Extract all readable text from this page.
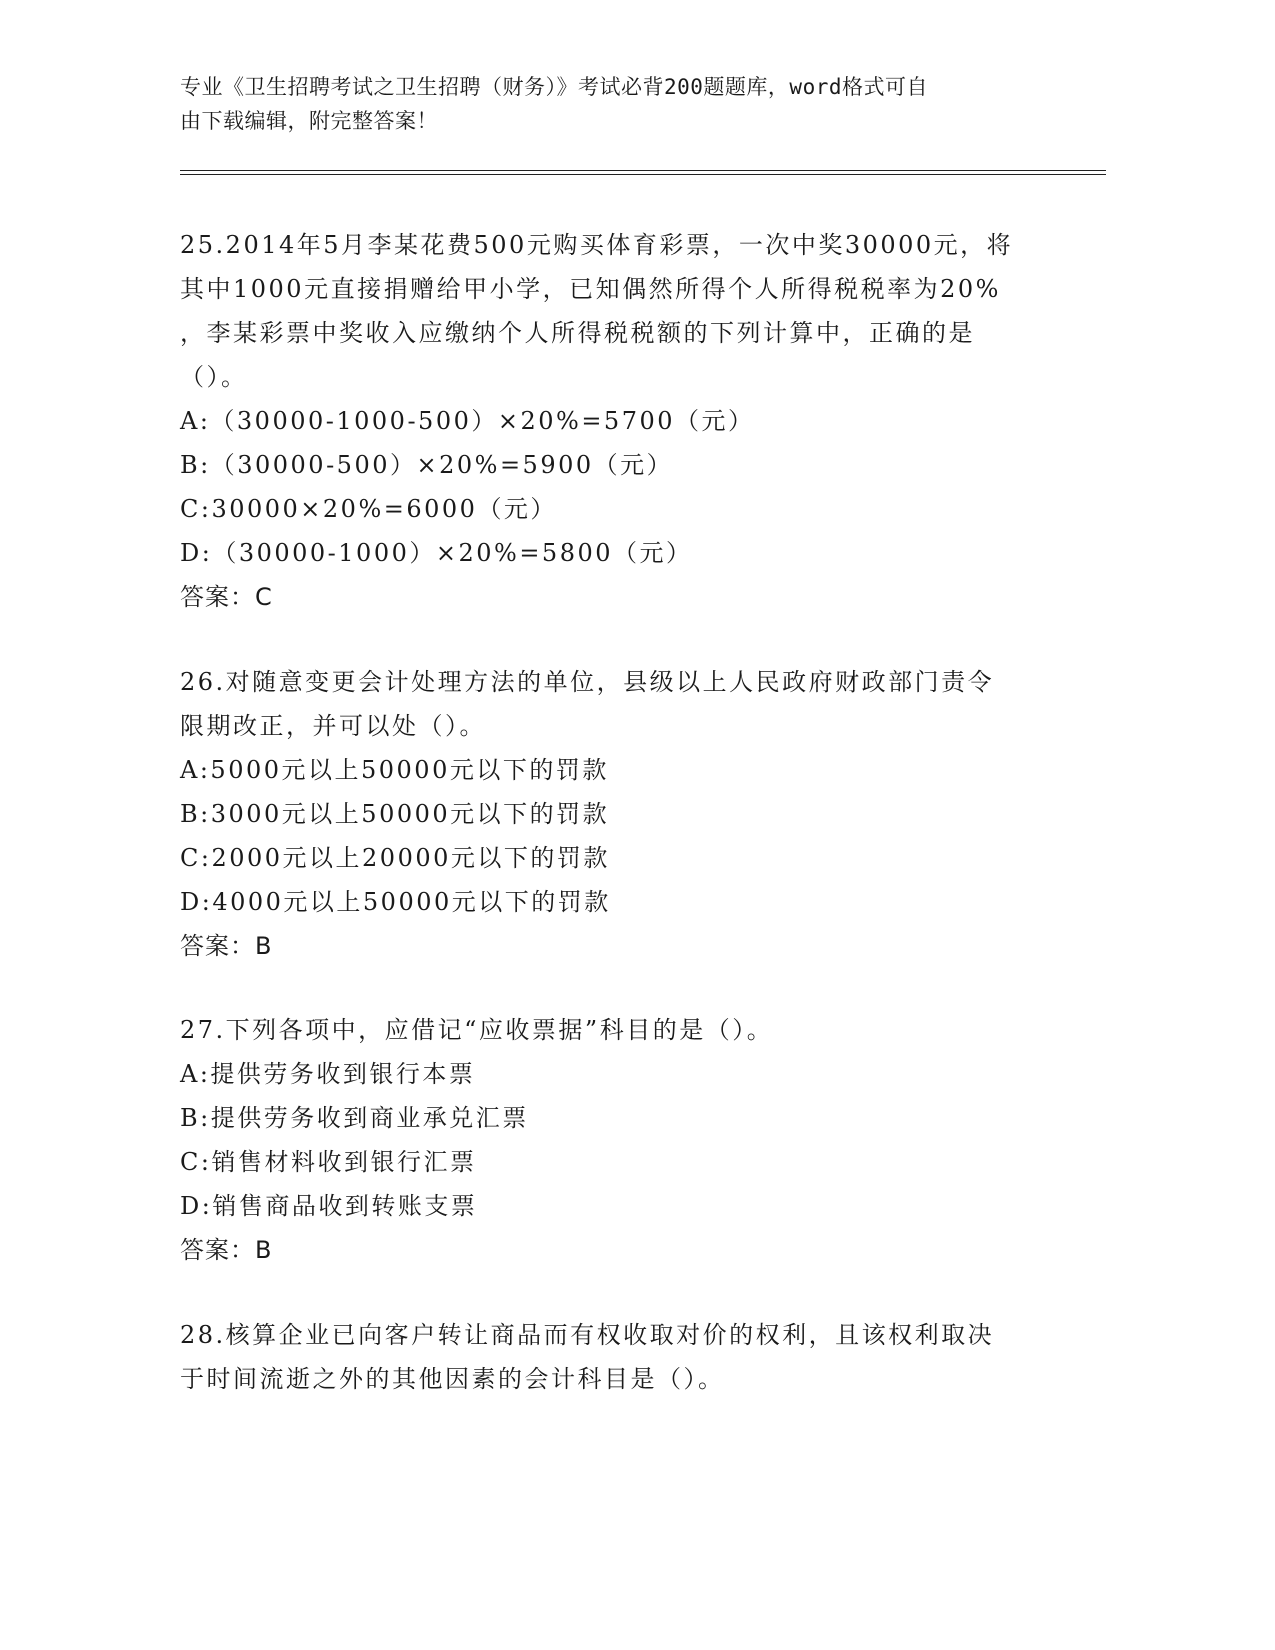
专业《卫生招聘考试之卫生招聘（财务）》考试必背200题题库，word格式可自
由下载编辑，附完整答案！

25.2014年5月李某花费500元购买体育彩票，一次中奖30000元，将

其中1000元直接捐赠给甲小学，已知偶然所得个人所得税税率为20%

，李某彩票中奖收入应缴纳个人所得税税额的下列计算中，正确的是

（）。

A:（30000-1000-500）×20%=5700（元）

B:（30000-500）×20%=5900（元）

C:30000×20%=6000（元）

D:（30000-1000）×20%=5800（元）

答案：C

26.对随意变更会计处理方法的单位，县级以上人民政府财政部门责令

限期改正，并可以处（）。

A:5000元以上50000元以下的罚款

B:3000元以上50000元以下的罚款

C:2000元以上20000元以下的罚款

D:4000元以上50000元以下的罚款

答案：B

27.下列各项中，应借记“应收票据”科目的是（）。

A:提供劳务收到银行本票

B:提供劳务收到商业承兑汇票

C:销售材料收到银行汇票

D:销售商品收到转账支票

答案：B

28.核算企业已向客户转让商品而有权收取对价的权利，且该权利取决

于时间流逝之外的其他因素的会计科目是（）。
